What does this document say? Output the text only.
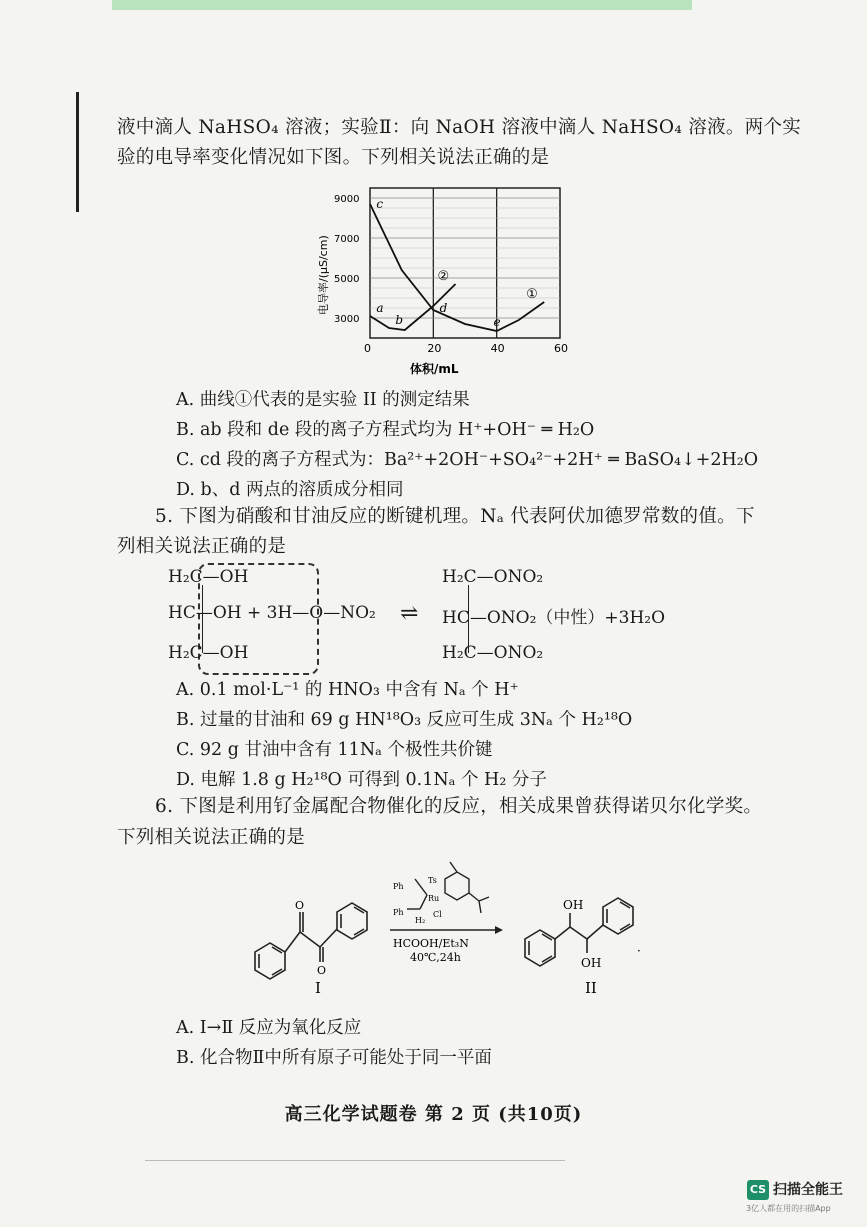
液中滴人 NaHSO₄ 溶液；实验Ⅱ：向 NaOH 溶液中滴人 NaHSO₄ 溶液。两个实
验的电导率变化情况如下图。下列相关说法正确的是
0	20	40	60
3000
5000
7000
9000
①
②
a
b
c
d
e
电导率/(μS/cm)
体积/mL
A. 曲线①代表的是实验 II 的测定结果
B. ab 段和 de 段的离子方程式均为 H⁺+OH⁻ ═ H₂O
C. cd 段的离子方程式为：Ba²⁺+2OH⁻+SO₄²⁻+2H⁺ ═ BaSO₄↓+2H₂O
D. b、d 两点的溶质成分相同
5. 下图为硝酸和甘油反应的断键机理。Nₐ 代表阿伏加德罗常数的值。下
列相关说法正确的是
H₂C—OH
HC—OH + 3H—O—NO₂
H₂C—OH
⇌
H₂C—ONO₂
HC—ONO₂（中性）+3H₂O
H₂C—ONO₂
A. 0.1 mol·L⁻¹ 的 HNO₃ 中含有 Nₐ 个 H⁺
B. 过量的甘油和 69 g HN¹⁸O₃ 反应可生成 3Nₐ 个 H₂¹⁸O
C. 92 g 甘油中含有 11Nₐ 个极性共价键
D. 电解 1.8 g H₂¹⁸O 可得到 0.1Nₐ 个 H₂ 分子
6. 下图是利用钌金属配合物催化的反应，相关成果曾获得诺贝尔化学奖。
下列相关说法正确的是
O
O
Ts
Ph
Ph
Ru
Cl
H₂
HCOOH/Et₃N
40℃,24h
OH
OH
·
I	II
A. Ⅰ→Ⅱ 反应为氧化反应
B. 化合物Ⅱ中所有原子可能处于同一平面
高三化学试题卷 第 2 页 (共10页)
CS 扫描全能王
3亿人都在用的扫描App
